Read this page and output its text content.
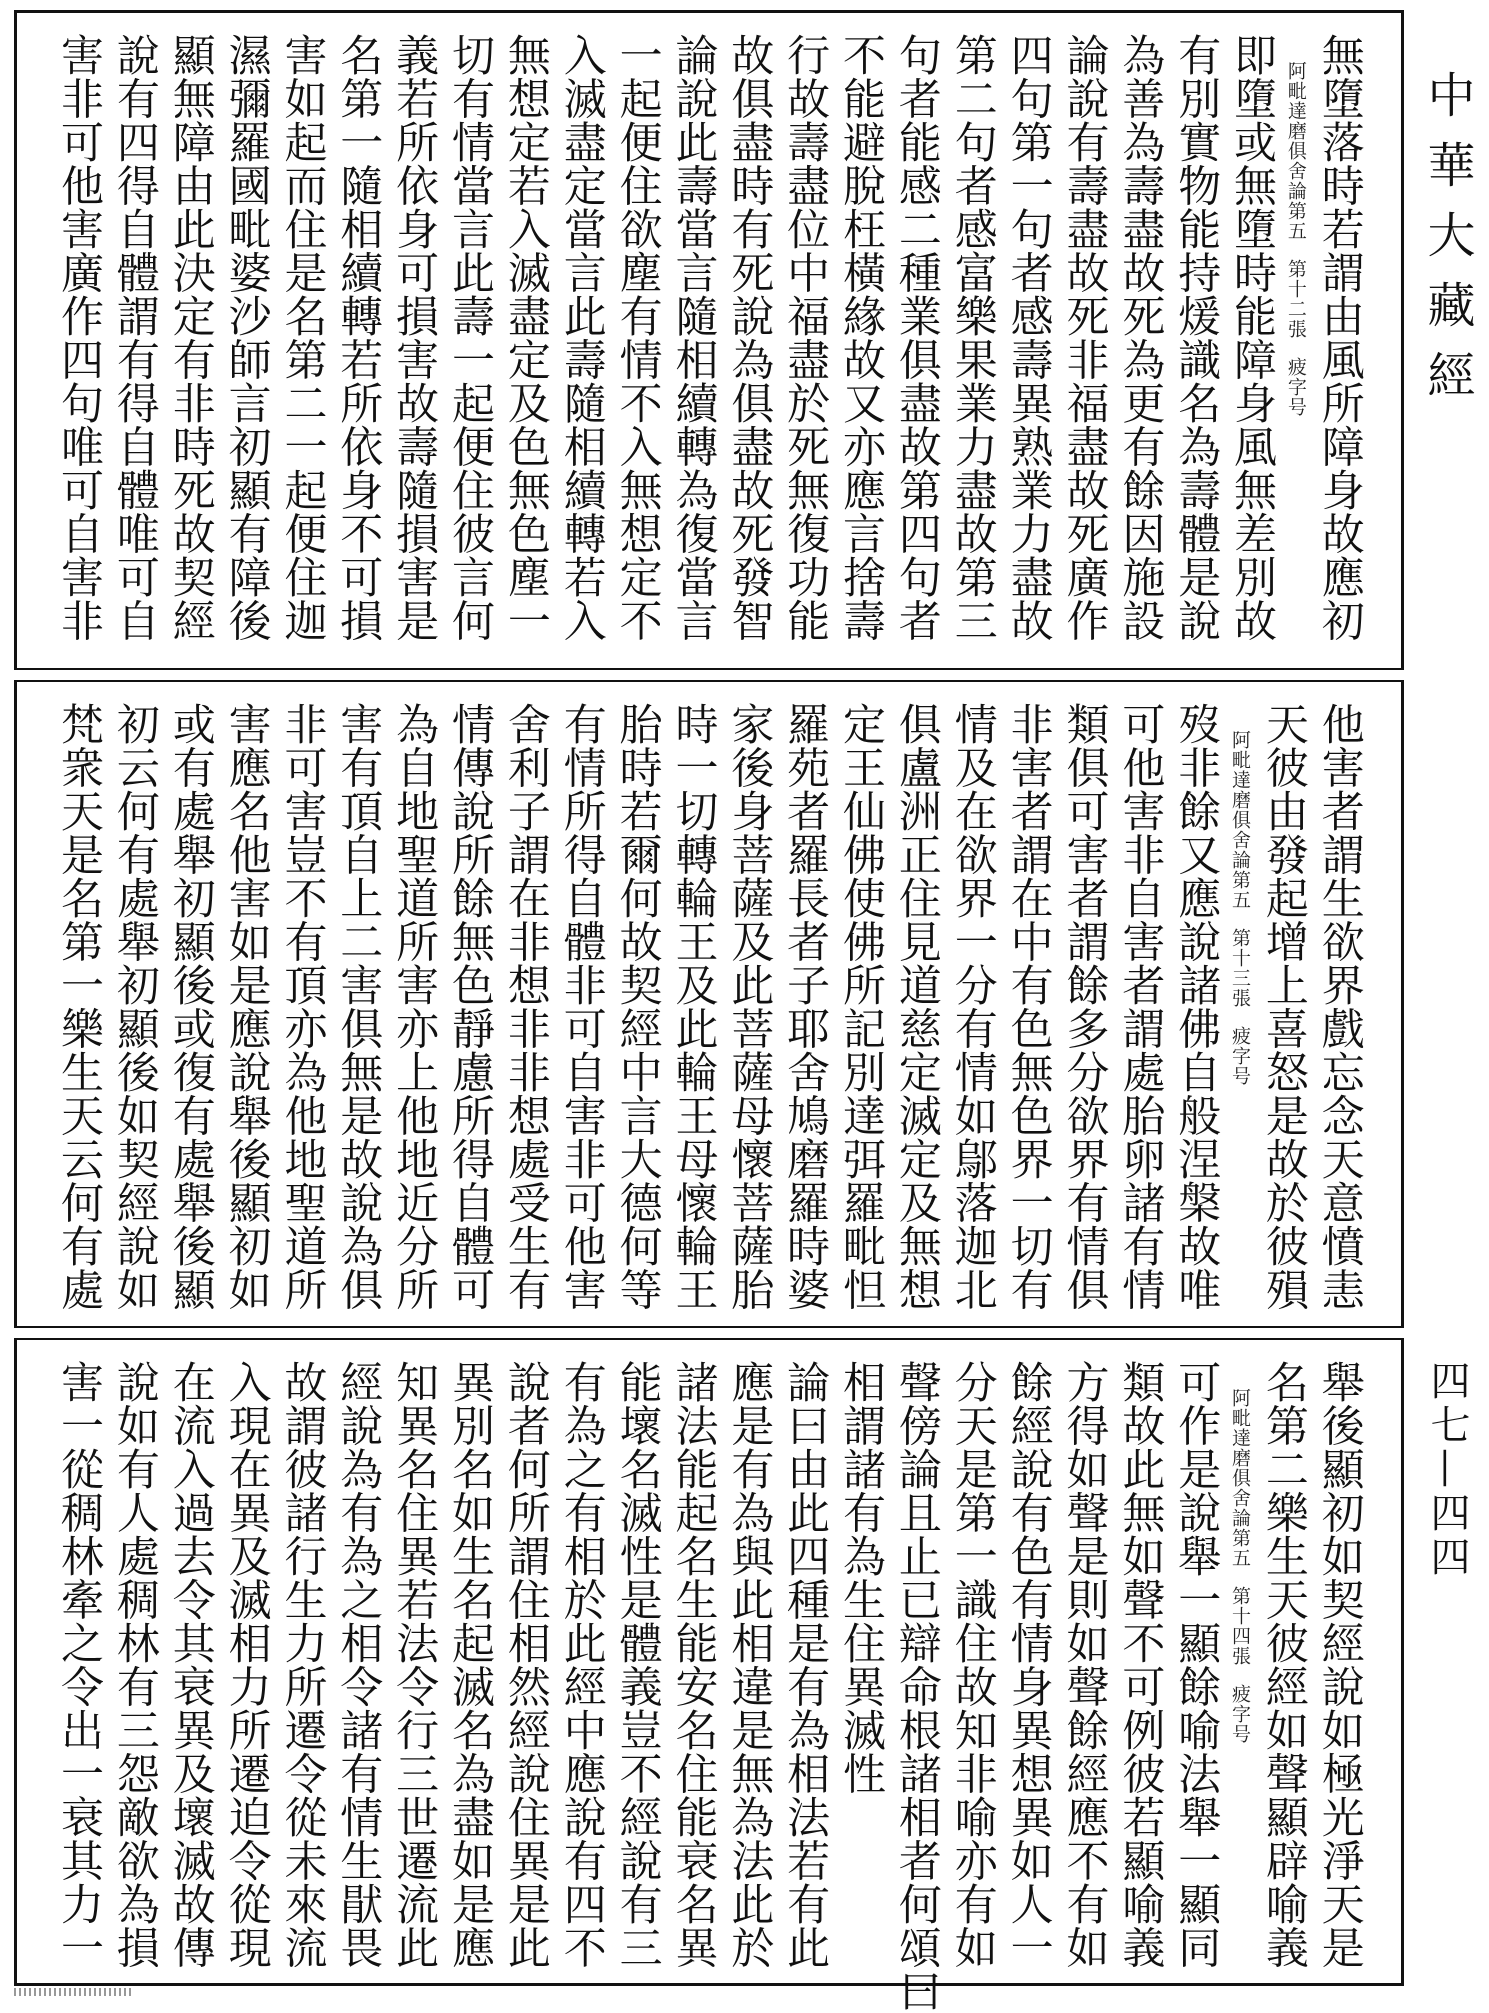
中華大藏經
四七—四四
無墮落時若謂由風所障身故應初
阿毗達磨俱舍論第五第十二張疲字号
即墮或無墮時能障身風無差別故
有別實物能持煖識名為壽體是說
為善為壽盡故死為更有餘因施設
論說有壽盡故死非福盡故死廣作
四句第一句者感壽異熟業力盡故
第二句者感富樂果業力盡故第三
句者能感二種業俱盡故第四句者
不能避脫枉橫緣故又亦應言捨壽
行故壽盡位中福盡於死無復功能
故俱盡時有死說為俱盡故死發智
論說此壽當言隨相續轉為復當言
一起便住欲塵有情不入無想定不
入滅盡定當言此壽隨相續轉若入
無想定若入滅盡定及色無色塵一
切有情當言此壽一起便住彼言何
義若所依身可損害故壽隨損害是
名第一隨相續轉若所依身不可損
害如起而住是名第二一起便住迦
濕彌羅國毗婆沙師言初顯有障後
顯無障由此決定有非時死故契經
說有四得自體謂有得自體唯可自
害非可他害廣作四句唯可自害非
他害者謂生欲界戲忘念天意憤恚
天彼由發起增上喜怒是故於彼殞
阿毗達磨俱舍論第五第十三張疲字号
歿非餘又應說諸佛自般涅槃故唯
可他害非自害者謂處胎卵諸有情
類俱可害者謂餘多分欲界有情俱
非害者謂在中有色無色界一切有
情及在欲界一分有情如鄔落迦北
俱盧洲正住見道慈定滅定及無想
定王仙佛使佛所記別達弭羅毗怛
羅苑者羅長者子耶舍鳩磨羅時婆
家後身菩薩及此菩薩母懷菩薩胎
時一切轉輪王及此輪王母懷輪王
胎時若爾何故契經中言大德何等
有情所得自體非可自害非可他害
舍利子謂在非想非非想處受生有
情傳說所餘無色靜慮所得自體可
為自地聖道所害亦上他地近分所
害有頂自上二害俱無是故說為俱
非可害豈不有頂亦為他地聖道所
害應名他害如是應說舉後顯初如
或有處舉初顯後或復有處舉後顯
初云何有處舉初顯後如契經說如
梵衆天是名第一樂生天云何有處
舉後顯初如契經說如極光淨天是
名第二樂生天彼經如聲顯辟喻義
阿毗達磨俱舍論第五第十四張疲字号
可作是說舉一顯餘喻法舉一顯同
類故此無如聲不可例彼若顯喻義
方得如聲是則如聲餘經應不有如
餘經說有色有情身異想異如人一
分天是第一識住故知非喻亦有如
聲傍論且止已辯命根諸相者何頌曰
相謂諸有為生住異滅性
論曰由此四種是有為相法若有此
應是有為與此相違是無為法此於
諸法能起名生能安名住能衰名異
能壞名滅性是體義豈不經說有三
有為之有相於此經中應說有四不
說者何所謂住相然經說住異是此
異別名如生名起滅名為盡如是應
知異名住異若法令行三世遷流此
經說為有為之相令諸有情生猒畏
故謂彼諸行生力所遷令從未來流
入現在異及滅相力所遷迫令從現
在流入過去令其衰異及壞滅故傳
說如有人處稠林有三怨敵欲為損
害一從稠林牽之令出一衰其力一
